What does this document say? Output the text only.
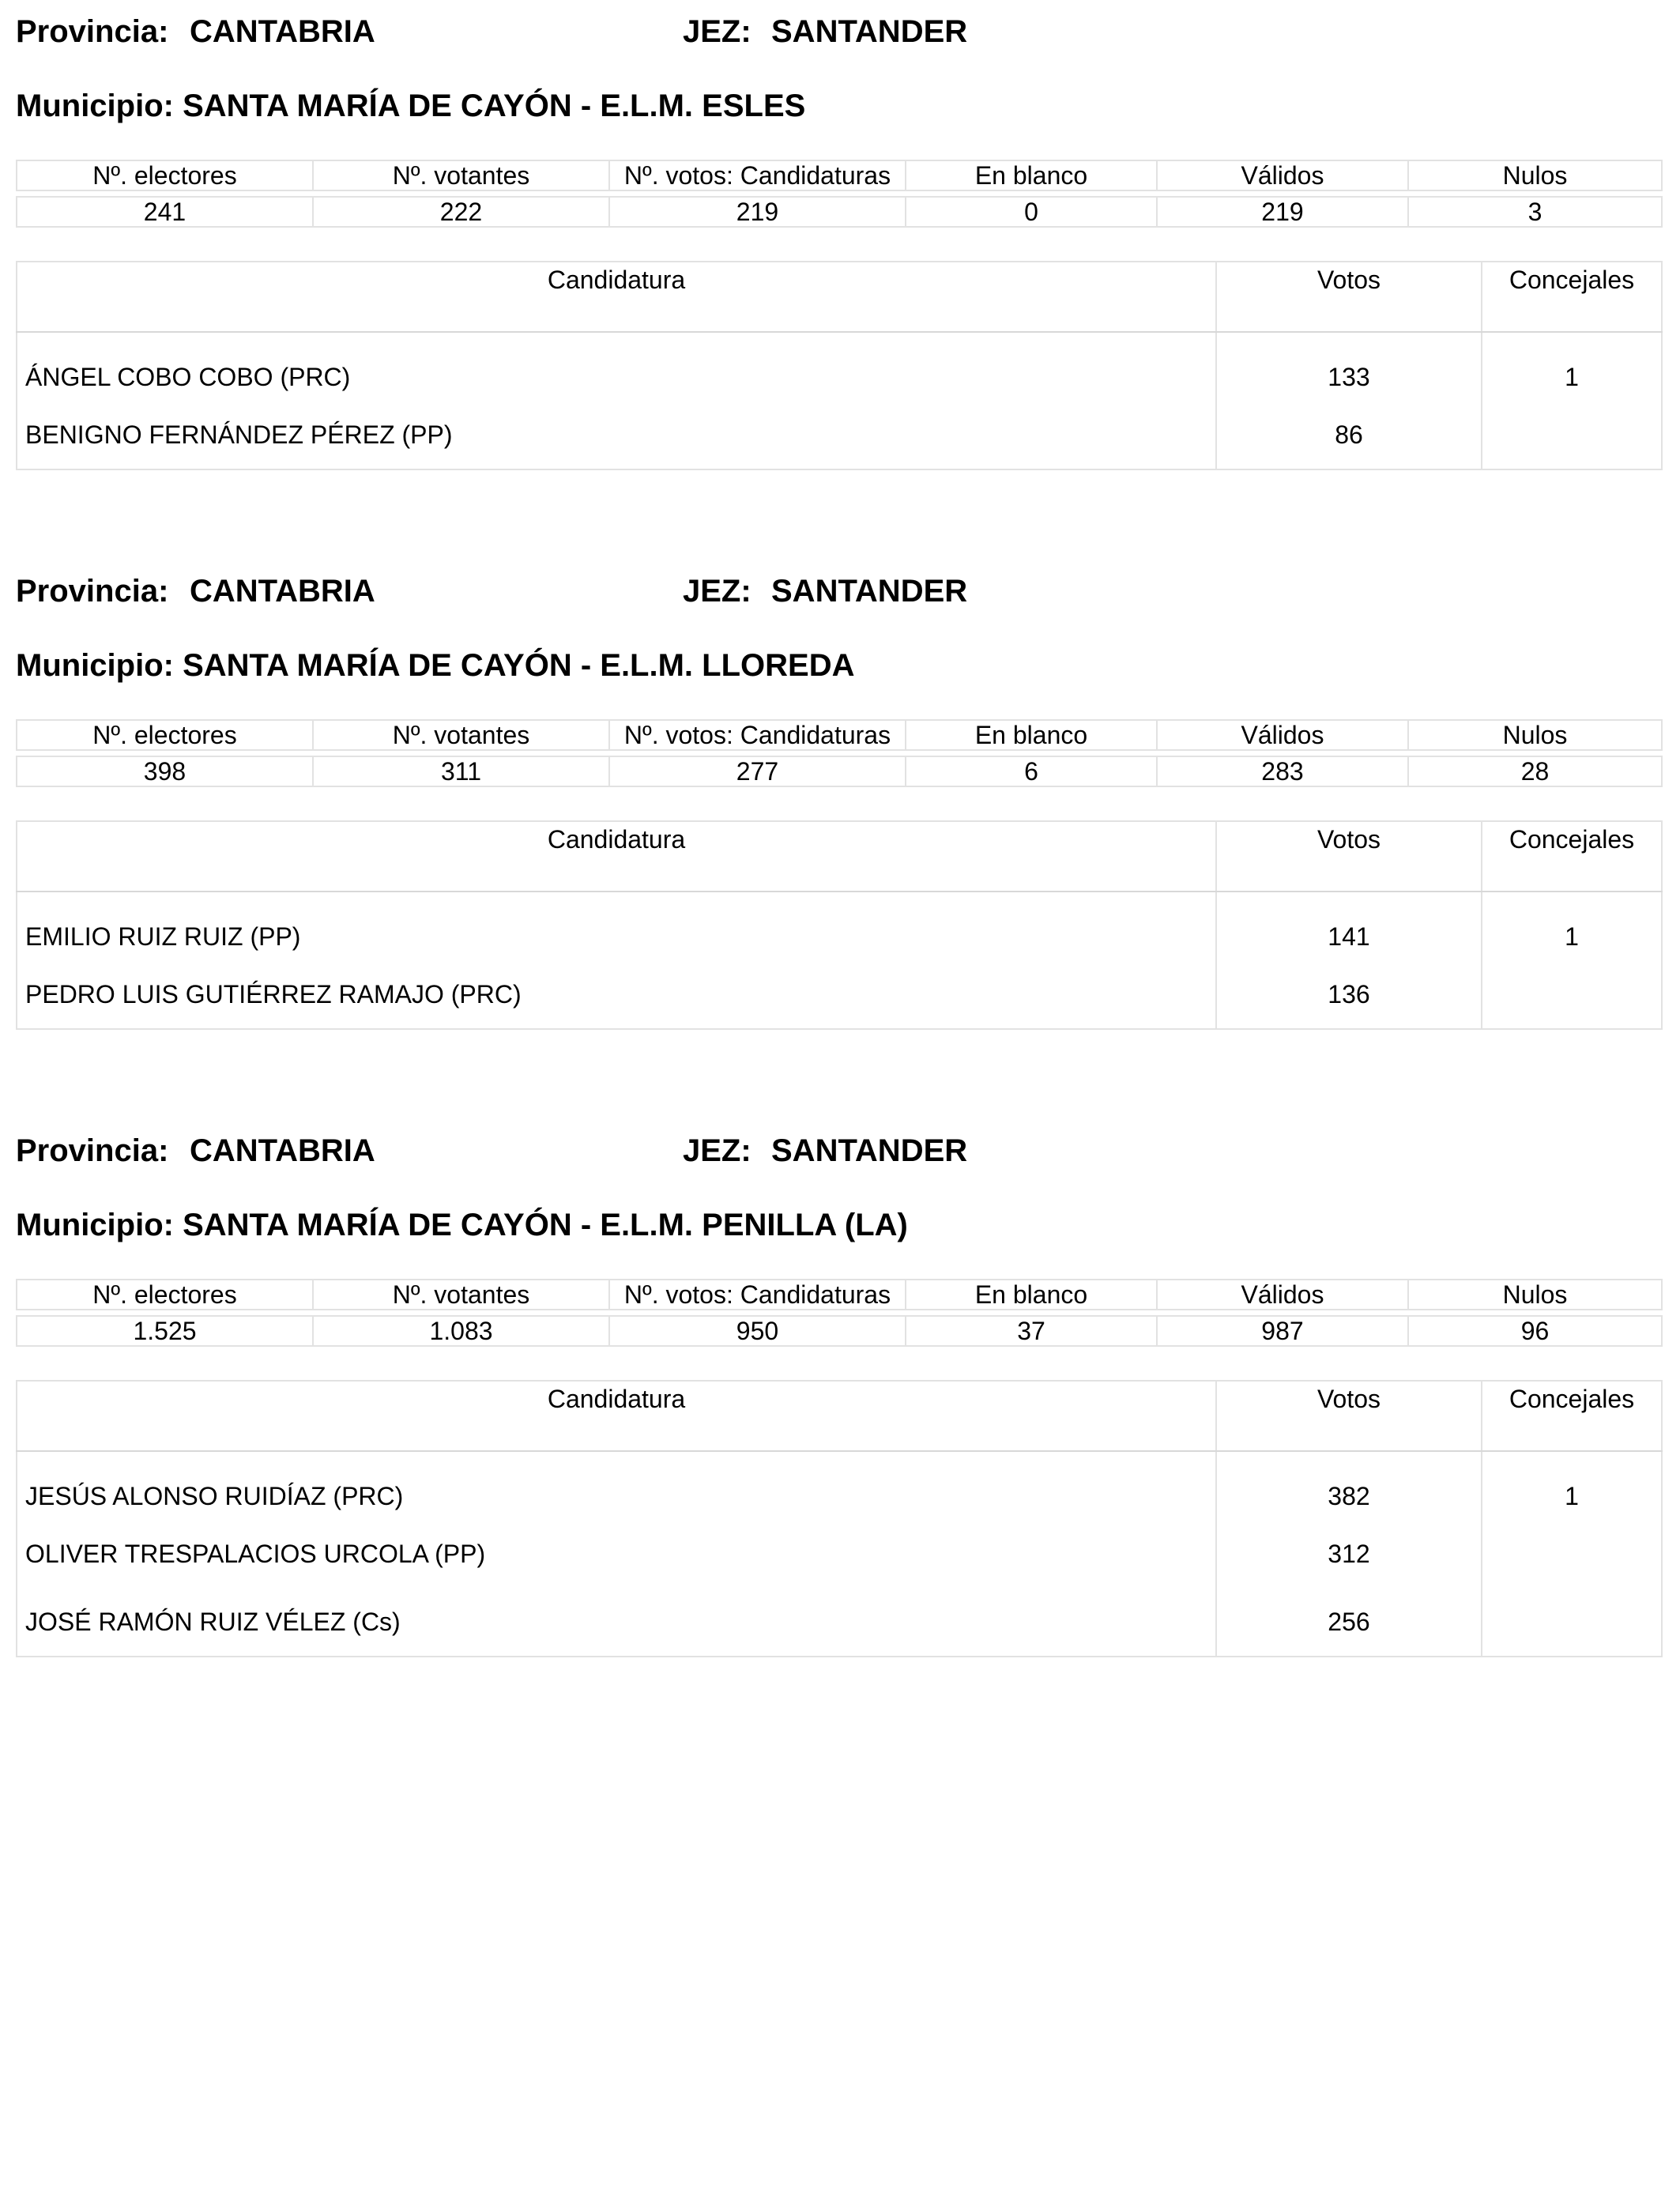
Provincia: CANTABRIA	JEZ: SANTANDER
Municipio: SANTA MARÍA DE CAYÓN - E.L.M. ESLES
Nº. electores	Nº. votantes	Nº. votos: Candidaturas	En blanco	Válidos	Nulos

241	222	219	0	219	3
Candidatura	Votos	Concejales
ÁNGEL COBO COBO (PRC)	133	1
BENIGNO FERNÁNDEZ PÉREZ (PP)	86	
Provincia: CANTABRIA	JEZ: SANTANDER
Municipio: SANTA MARÍA DE CAYÓN - E.L.M. LLOREDA
Nº. electores	Nº. votantes	Nº. votos: Candidaturas	En blanco	Válidos	Nulos

398	311	277	6	283	28
Candidatura	Votos	Concejales
EMILIO RUIZ RUIZ (PP)	141	1
PEDRO LUIS GUTIÉRREZ RAMAJO (PRC)	136	
Provincia: CANTABRIA	JEZ: SANTANDER
Municipio: SANTA MARÍA DE CAYÓN - E.L.M. PENILLA (LA)
Nº. electores	Nº. votantes	Nº. votos: Candidaturas	En blanco	Válidos	Nulos

1.525	1.083	950	37	987	96
Candidatura	Votos	Concejales
JESÚS ALONSO RUIDÍAZ (PRC)	382	1
OLIVER TRESPALACIOS URCOLA (PP)	312	
JOSÉ RAMÓN RUIZ VÉLEZ (Cs)	256	
